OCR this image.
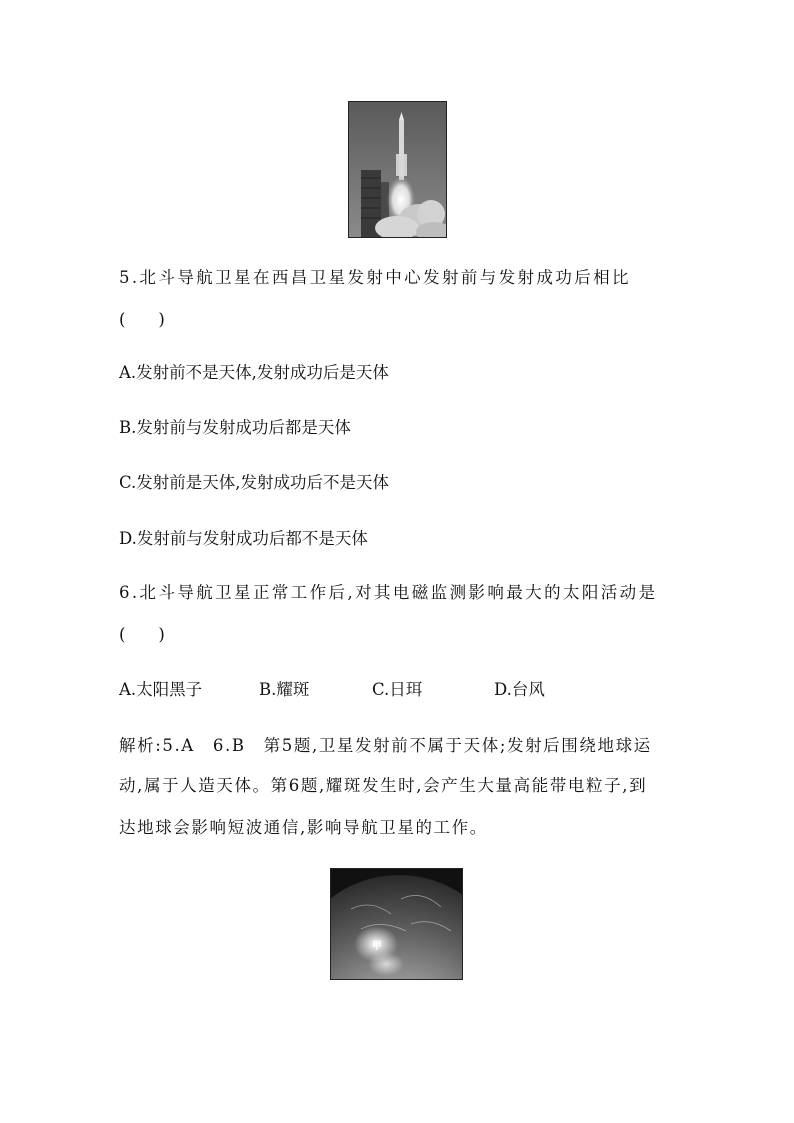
5.北斗导航卫星在西昌卫星发射中心发射前与发射成功后相比
(　　)
A.发射前不是天体,发射成功后是天体
B.发射前与发射成功后都是天体
C.发射前是天体,发射成功后不是天体
D.发射前与发射成功后都不是天体
6.北斗导航卫星正常工作后,对其电磁监测影响最大的太阳活动是
(　　)
A.太阳黑子	B.耀斑	C.日珥	D.台风
解析:5.A　6.B　第5题,卫星发射前不属于天体;发射后围绕地球运
动,属于人造天体。第6题,耀斑发生时,会产生大量高能带电粒子,到
达地球会影响短波通信,影响导航卫星的工作。
甲
